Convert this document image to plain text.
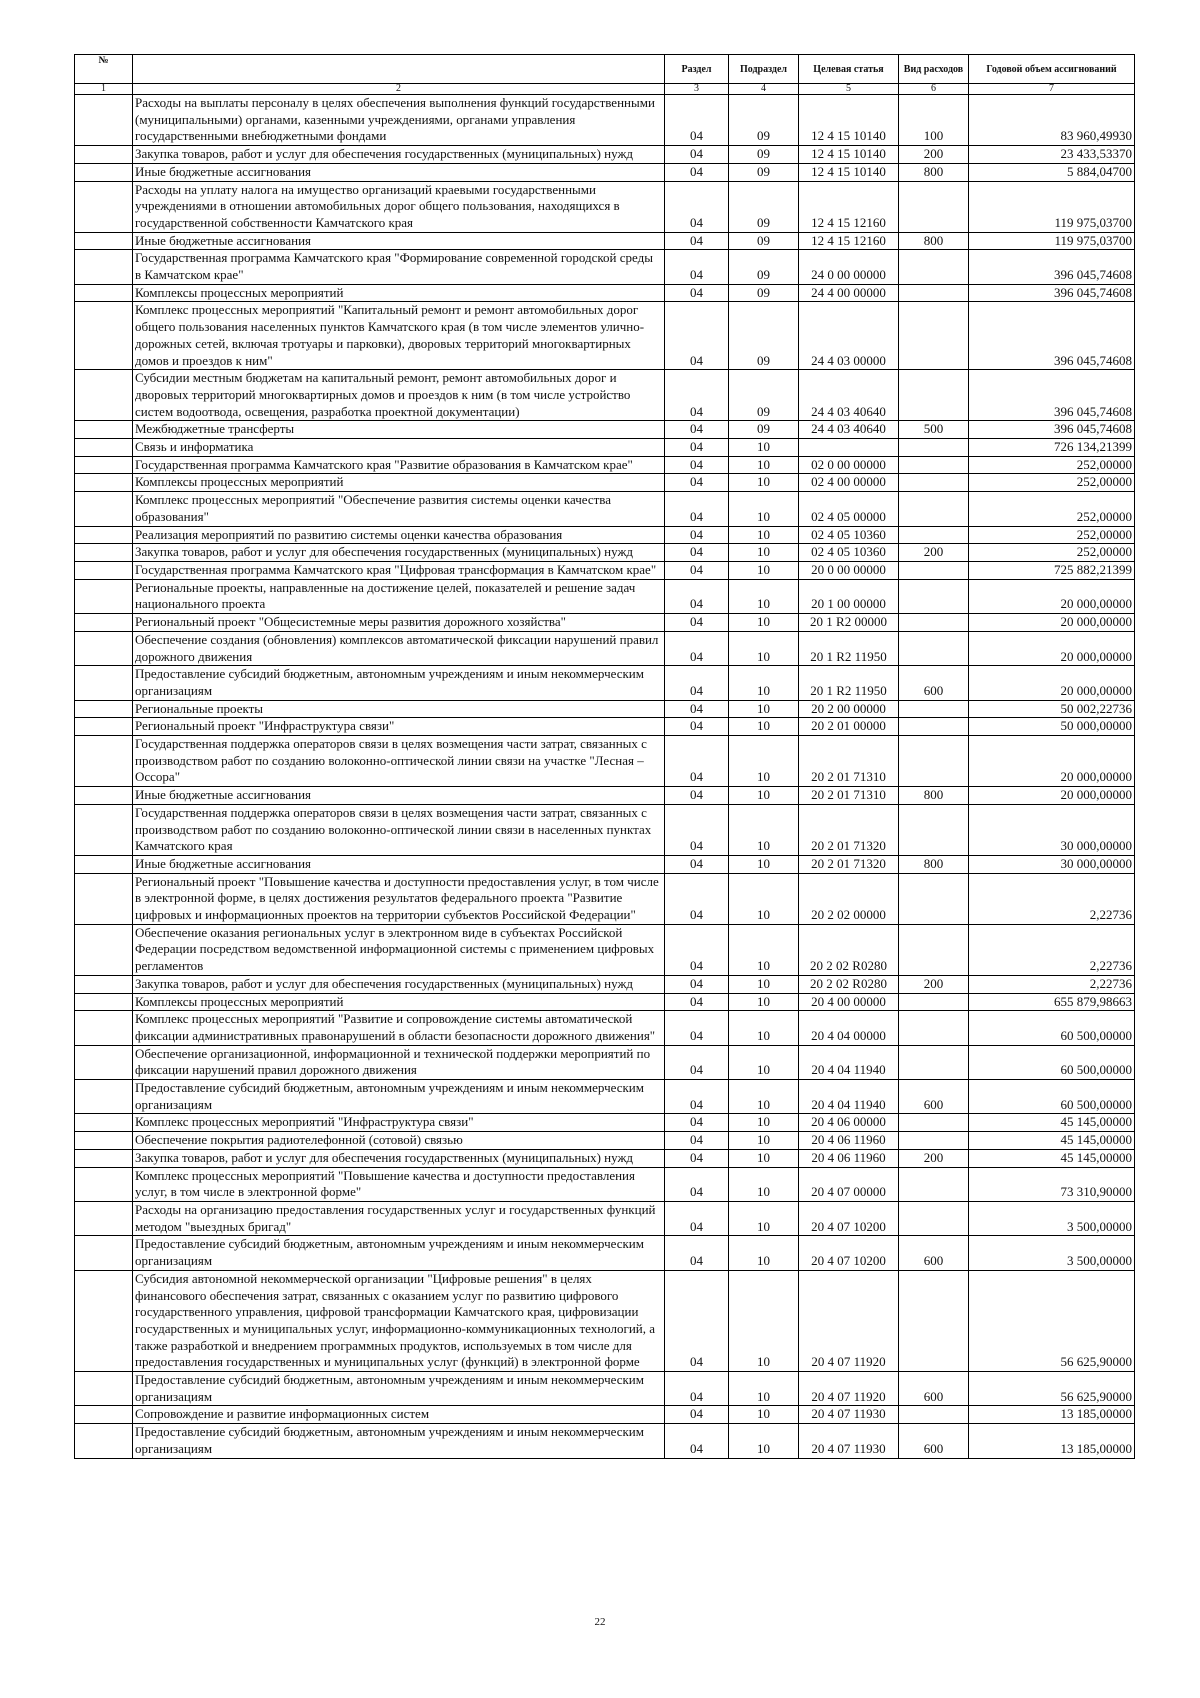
№		Раздел	Подраздел	Целевая статья	Вид расходов	Годовой объем ассигнований
1	2	3	4	5	6	7
	Расходы на выплаты персоналу в целях обеспечения выполнения функций государственными (муниципальными) органами, казенными учреждениями, органами управления государственными внебюджетными фондами	04	09	12 4 15 10140	100	83 960,49930
	Закупка товаров, работ и услуг для обеспечения государственных (муниципальных) нужд	04	09	12 4 15 10140	200	23 433,53370
	Иные бюджетные ассигнования	04	09	12 4 15 10140	800	5 884,04700
	Расходы на уплату налога на имущество организаций краевыми государственными учреждениями в отношении автомобильных дорог общего пользования, находящихся в государственной собственности Камчатского края	04	09	12 4 15 12160		119 975,03700
	Иные бюджетные ассигнования	04	09	12 4 15 12160	800	119 975,03700
	Государственная программа Камчатского края "Формирование современной городской среды в Камчатском крае"	04	09	24 0 00 00000		396 045,74608
	Комплексы процессных мероприятий	04	09	24 4 00 00000		396 045,74608
	Комплекс процессных мероприятий "Капитальный ремонт и ремонт автомобильных дорог общего пользования населенных пунктов Камчатского края (в том числе элементов улично-дорожных сетей, включая тротуары и парковки), дворовых территорий многоквартирных домов и проездов к ним"	04	09	24 4 03 00000		396 045,74608
	Субсидии местным бюджетам на капитальный ремонт, ремонт автомобильных дорог и дворовых территорий многоквартирных домов и проездов к ним (в том числе устройство систем водоотвода, освещения, разработка проектной документации)	04	09	24 4 03 40640		396 045,74608
	Межбюджетные трансферты	04	09	24 4 03 40640	500	396 045,74608
	Связь и информатика	04	10			726 134,21399
	Государственная программа Камчатского края "Развитие образования в Камчатском крае"	04	10	02 0 00 00000		252,00000
	Комплексы процессных мероприятий	04	10	02 4 00 00000		252,00000
	Комплекс процессных мероприятий "Обеспечение развития системы оценки качества образования"	04	10	02 4 05 00000		252,00000
	Реализация мероприятий по развитию системы оценки качества образования	04	10	02 4 05 10360		252,00000
	Закупка товаров, работ и услуг для обеспечения государственных (муниципальных) нужд	04	10	02 4 05 10360	200	252,00000
	Государственная программа Камчатского края "Цифровая трансформация в Камчатском крае"	04	10	20 0 00 00000		725 882,21399
	Региональные проекты, направленные на достижение целей, показателей и решение задач национального проекта	04	10	20 1 00 00000		20 000,00000
	Региональный проект "Общесистемные меры развития дорожного хозяйства"	04	10	20 1 R2 00000		20 000,00000
	Обеспечение создания (обновления) комплексов автоматической фиксации нарушений правил дорожного движения	04	10	20 1 R2 11950		20 000,00000
	Предоставление субсидий бюджетным, автономным учреждениям и иным некоммерческим организациям	04	10	20 1 R2 11950	600	20 000,00000
	Региональные проекты	04	10	20 2 00 00000		50 002,22736
	Региональный проект "Инфраструктура связи"	04	10	20 2 01 00000		50 000,00000
	Государственная поддержка операторов связи в целях возмещения части затрат, связанных с производством работ по созданию волоконно-оптической линии связи на участке "Лесная – Оссора"	04	10	20 2 01 71310		20 000,00000
	Иные бюджетные ассигнования	04	10	20 2 01 71310	800	20 000,00000
	Государственная поддержка операторов связи в целях возмещения части затрат, связанных с производством работ по созданию волоконно-оптической линии связи в населенных пунктах Камчатского края	04	10	20 2 01 71320		30 000,00000
	Иные бюджетные ассигнования	04	10	20 2 01 71320	800	30 000,00000
	Региональный проект "Повышение качества и доступности предоставления услуг, в том числе в электронной форме, в целях достижения результатов федерального проекта "Развитие цифровых и информационных проектов на территории субъектов Российской Федерации"	04	10	20 2 02 00000		2,22736
	Обеспечение оказания региональных услуг в электронном виде в субъектах Российской Федерации посредством ведомственной информационной системы с применением цифровых регламентов	04	10	20 2 02 R0280		2,22736
	Закупка товаров, работ и услуг для обеспечения государственных (муниципальных) нужд	04	10	20 2 02 R0280	200	2,22736
	Комплексы процессных мероприятий	04	10	20 4 00 00000		655 879,98663
	Комплекс процессных мероприятий "Развитие и сопровождение системы автоматической фиксации административных правонарушений в области безопасности дорожного движения"	04	10	20 4 04 00000		60 500,00000
	Обеспечение организационной, информационной и технической поддержки мероприятий по фиксации нарушений правил дорожного движения	04	10	20 4 04 11940		60 500,00000
	Предоставление субсидий бюджетным, автономным учреждениям и иным некоммерческим организациям	04	10	20 4 04 11940	600	60 500,00000
	Комплекс процессных мероприятий "Инфраструктура связи"	04	10	20 4 06 00000		45 145,00000
	Обеспечение покрытия радиотелефонной (сотовой) связью	04	10	20 4 06 11960		45 145,00000
	Закупка товаров, работ и услуг для обеспечения государственных (муниципальных) нужд	04	10	20 4 06 11960	200	45 145,00000
	Комплекс процессных мероприятий "Повышение качества и доступности предоставления услуг, в том числе в электронной форме"	04	10	20 4 07 00000		73 310,90000
	Расходы на организацию предоставления государственных услуг и государственных функций методом "выездных бригад"	04	10	20 4 07 10200		3 500,00000
	Предоставление субсидий бюджетным, автономным учреждениям и иным некоммерческим организациям	04	10	20 4 07 10200	600	3 500,00000
	Субсидия автономной некоммерческой организации "Цифровые решения" в целях финансового обеспечения затрат, связанных с оказанием услуг по развитию цифрового государственного управления, цифровой трансформации Камчатского края, цифровизации государственных и муниципальных услуг, информационно-коммуникационных технологий, а также разработкой и внедрением программных продуктов, используемых в том числе для предоставления государственных и муниципальных услуг (функций) в электронной форме	04	10	20 4 07 11920		56 625,90000
	Предоставление субсидий бюджетным, автономным учреждениям и иным некоммерческим организациям	04	10	20 4 07 11920	600	56 625,90000
	Сопровождение и развитие информационных систем	04	10	20 4 07 11930		13 185,00000
	Предоставление субсидий бюджетным, автономным учреждениям и иным некоммерческим организациям	04	10	20 4 07 11930	600	13 185,00000
22
